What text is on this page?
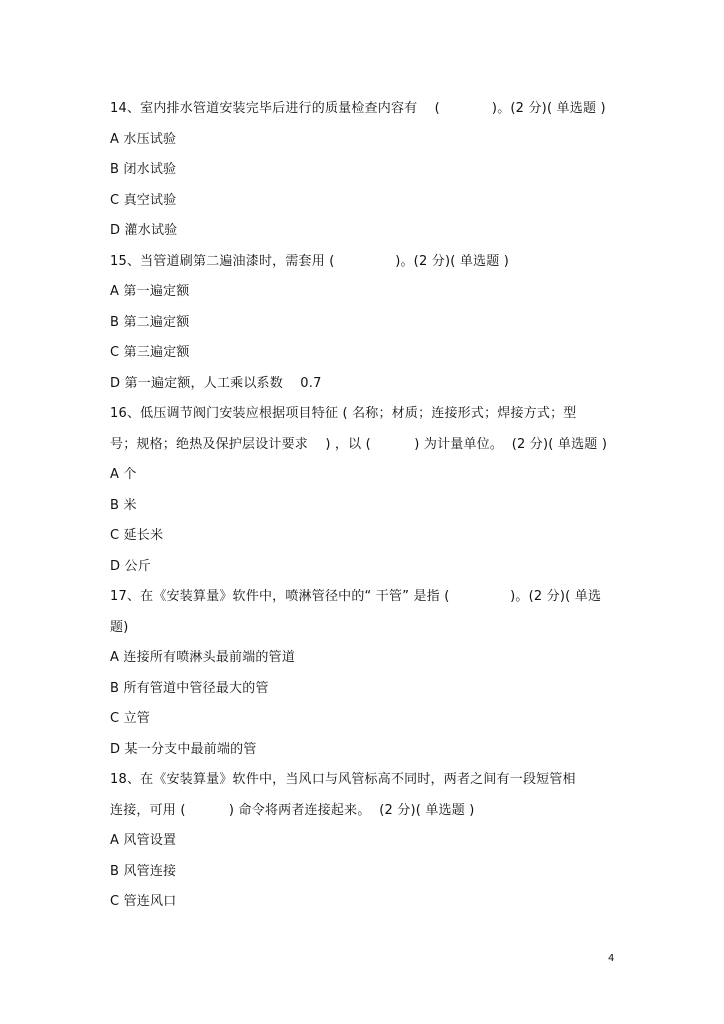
14、室内排水管道安装完毕后进行的质量检查内容有    (            )。(2 分)( 单选题 )
A 水压试验
B 闭水试验
C 真空试验
D 灌水试验
15、当管道刷第二遍油漆时，需套用 (              )。(2 分)( 单选题 )
A 第一遍定额
B 第二遍定额
C 第三遍定额
D 第一遍定额，人工乘以系数    0.7
16、低压调节阀门安装应根据项目特征 ( 名称；材质；连接形式；焊接方式；型
号；规格；绝热及保护层设计要求    ) ，以 (          ) 为计量单位。  (2 分)( 单选题 )
A 个
B 米
C 延长米
D 公斤
17、在《安装算量》软件中，喷淋管径中的“ 干管” 是指 (              )。(2 分)( 单选
题)
A 连接所有喷淋头最前端的管道
B 所有管道中管径最大的管
C 立管
D 某一分支中最前端的管
18、在《安装算量》软件中，当风口与风管标高不同时，两者之间有一段短管相
连接，可用 (          ) 命令将两者连接起来。  (2 分)( 单选题 )
A 风管设置
B 风管连接
C 管连风口
4
